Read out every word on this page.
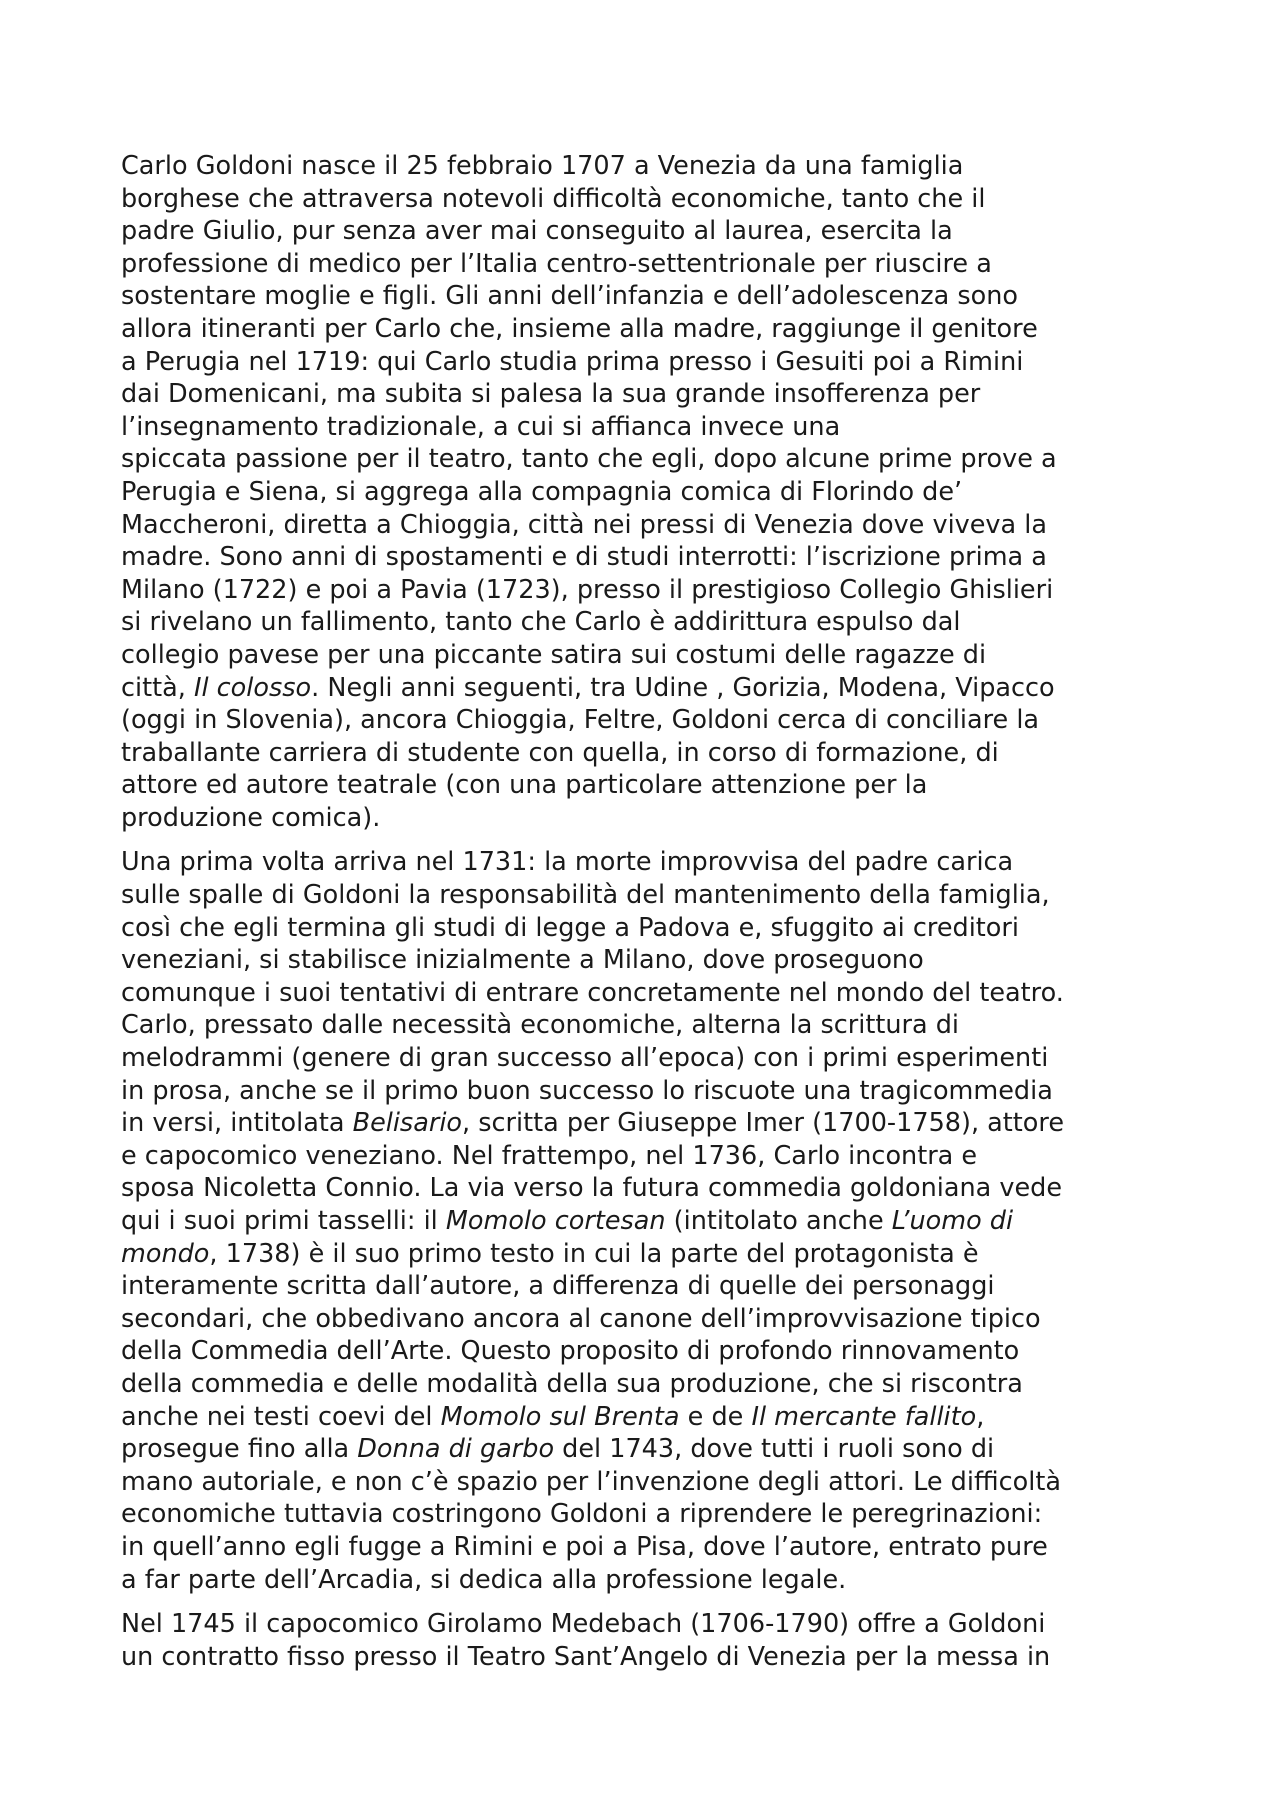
Carlo Goldoni nasce il 25 febbraio 1707 a Venezia da una famiglia
borghese che attraversa notevoli difficoltà economiche, tanto che il
padre Giulio, pur senza aver mai conseguito al laurea, esercita la
professione di medico per l’Italia centro-settentrionale per riuscire a
sostentare moglie e figli. Gli anni dell’infanzia e dell’adolescenza sono
allora itineranti per Carlo che, insieme alla madre, raggiunge il genitore
a Perugia nel 1719: qui Carlo studia prima presso i Gesuiti poi a Rimini
dai Domenicani, ma subita si palesa la sua grande insofferenza per
l’insegnamento tradizionale, a cui si affianca invece una
spiccata passione per il teatro, tanto che egli, dopo alcune prime prove a
Perugia e Siena, si aggrega alla compagnia comica di Florindo de’
Maccheroni, diretta a Chioggia, città nei pressi di Venezia dove viveva la
madre. Sono anni di spostamenti e di studi interrotti: l’iscrizione prima a
Milano (1722) e poi a Pavia (1723), presso il prestigioso Collegio Ghislieri
si rivelano un fallimento, tanto che Carlo è addirittura espulso dal
collegio pavese per una piccante satira sui costumi delle ragazze di
città, Il colosso. Negli anni seguenti, tra Udine , Gorizia, Modena, Vipacco
(oggi in Slovenia), ancora Chioggia, Feltre, Goldoni cerca di conciliare la
traballante carriera di studente con quella, in corso di formazione, di
attore ed autore teatrale (con una particolare attenzione per la
produzione comica).

Una prima volta arriva nel 1731: la morte improvvisa del padre carica
sulle spalle di Goldoni la responsabilità del mantenimento della famiglia,
così che egli termina gli studi di legge a Padova e, sfuggito ai creditori
veneziani, si stabilisce inizialmente a Milano, dove proseguono
comunque i suoi tentativi di entrare concretamente nel mondo del teatro.
Carlo, pressato dalle necessità economiche, alterna la scrittura di
melodrammi (genere di gran successo all’epoca) con i primi esperimenti
in prosa, anche se il primo buon successo lo riscuote una tragicommedia
in versi, intitolata Belisario, scritta per Giuseppe Imer (1700-1758), attore
e capocomico veneziano. Nel frattempo, nel 1736, Carlo incontra e
sposa Nicoletta Connio. La via verso la futura commedia goldoniana vede
qui i suoi primi tasselli: il Momolo cortesan (intitolato anche L’uomo di
mondo, 1738) è il suo primo testo in cui la parte del protagonista è
interamente scritta dall’autore, a differenza di quelle dei personaggi
secondari, che obbedivano ancora al canone dell’improvvisazione tipico
della Commedia dell’Arte. Questo proposito di profondo rinnovamento
della commedia e delle modalità della sua produzione, che si riscontra
anche nei testi coevi del Momolo sul Brenta e de Il mercante fallito,
prosegue fino alla Donna di garbo del 1743, dove tutti i ruoli sono di
mano autoriale, e non c’è spazio per l’invenzione degli attori. Le difficoltà
economiche tuttavia costringono Goldoni a riprendere le peregrinazioni:
in quell’anno egli fugge a Rimini e poi a Pisa, dove l’autore, entrato pure
a far parte dell’Arcadia, si dedica alla professione legale.

Nel 1745 il capocomico Girolamo Medebach (1706-1790) offre a Goldoni
un contratto fisso presso il Teatro Sant’Angelo di Venezia per la messa in
